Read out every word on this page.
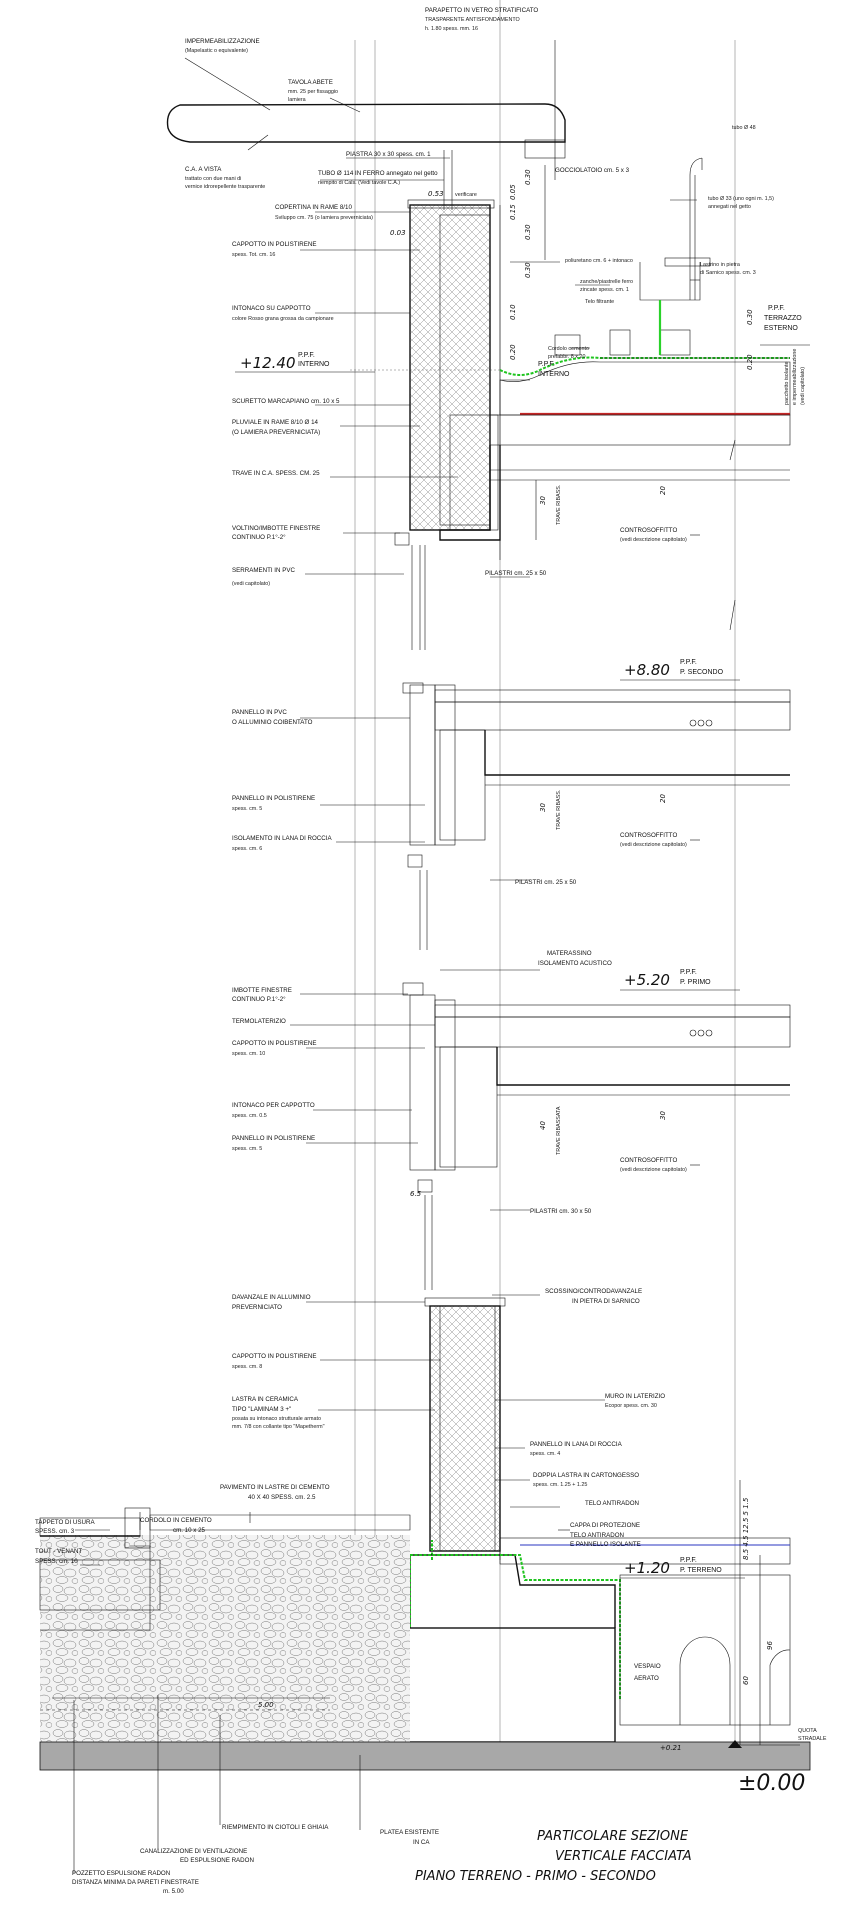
IMPERMEABILIZZAZIONE
(Mapelastic o equivalente)
TAVOLA ABETE
mm. 25 per fissaggio
lamiera
C.A. A VISTA
trattato con due mani di
vernice idrorepellente trasparente
PIASTRA 30 x 30 spess. cm. 1
TUBO Ø 114 IN FERRO annegato nel getto
riempito di Cals. (Vedi tavole C.A.)
COPERTINA IN RAME 8/10
Sviluppo cm. 75 (o lamiera preverniciata)
CAPPOTTO IN POLISTIRENE
spess. Tot. cm. 16
INTONACO SU CAPPOTTO
colore Rosso grana grossa da campionare
SCURETTO MARCAPIANO cm. 10 x 5
PLUVIALE IN RAME 8/10 Ø 14
(O LAMIERA PREVERNICIATA)
TRAVE IN C.A. SPESS. CM. 25
VOLTINO/IMBOTTE FINESTRE
CONTINUO P.1°-2°
SERRAMENTI IN PVC
(vedi capitolato)
PANNELLO IN PVC
O ALLUMINIO COIBENTATO
PANNELLO IN POLISTIRENE
spess. cm. 5
ISOLAMENTO IN LANA DI ROCCIA
spess. cm. 6
IMBOTTE FINESTRE
CONTINUO P.1°-2°
TERMOLATERIZIO
CAPPOTTO IN POLISTIRENE
spess. cm. 10
INTONACO PER CAPPOTTO
spess. cm. 0.5
PANNELLO IN POLISTIRENE
spess. cm. 5
DAVANZALE IN ALLUMINIO
PREVERNICIATO
CAPPOTTO IN POLISTIRENE
spess. cm. 8
LASTRA IN CERAMICA
TIPO "LAMINAM 3 +"
posata su intonaco strutturale armato
mm. 7/8 con collante tipo "Mapetherm"
PARAPETTO IN VETRO STRATIFICATO
TRASPARENTE ANTISFONDAMENTO
h. 1.80 spess. mm. 16
GOCCIOLATOIO cm. 5 x 3
tubo Ø 48
tubo Ø 33 (uno ogni m. 1,5)
annegati nel getto
Lastrino in pietra
di Sarnico spess. cm. 3
poliuretano cm. 6 + intonaco
zanche/piastrelle ferro
zincate spess. cm. 1
Telo filtrante
Cordolo cemento
prefabbr. 8 x 20
pacchetto isolante e impermeabilizzazione (vedi capitolato)
CONTROSOFFITTO
(vedi descrizione capitolato)
CONTROSOFFITTO
(vedi descrizione capitolato)
CONTROSOFFITTO
(vedi descrizione capitolato)
PILASTRI cm. 25 x 50
PILASTRI cm. 25 x 50
MATERASSINO
ISOLAMENTO ACUSTICO
PILASTRI cm. 30 x 50
SCOSSINO/CONTRODAVANZALE
IN PIETRA DI SARNICO
MURO IN LATERIZIO
Ecopor spess. cm. 30
PANNELLO IN LANA DI ROCCIA
spess. cm. 4
DOPPIA LASTRA IN CARTONGESSO
spess. cm. 1.25 + 1.25
TELO ANTIRADON
CAPPA DI PROTEZIONE
TELO ANTIRADON
E PANNELLO ISOLANTE
VESPAIO
AERATO
TAPPETO DI USURA
SPESS. cm. 3
TOUT - VENANT
SPESS. cm. 10
CORDOLO IN CEMENTO
cm. 10 x 25
PAVIMENTO IN LASTRE DI CEMENTO
40 X 40 SPESS. cm. 2.5
RIEMPIMENTO IN CIOTOLI E GHIAIA
CANALIZZAZIONE DI VENTILAZIONE
ED ESPULSIONE RADON
POZZETTO ESPULSIONE RADON
DISTANZA MINIMA DA PARETI FINESTRATE
m. 5.00
PLATEA ESISTENTE
IN CA
+12.40 P.P.F.
INTERNO	P.P.F.
INTERNO
P.P.F.
TERRAZZO
ESTERNO
+8.80 P.P.F.
P. SECONDO
+5.20 P.P.F.
P. PRIMO
+1.20 P.P.F.
P. TERRENO
±0.00
QUOTA
STRADALE
+0.21
0.53 verificare
0.30
0.30
0.15
0.05
0.30
0.10
0.20
0.03
0.30
0.20
TRAVE RIBASS.
30
20
TRAVE RIBASS.
30
20
TRAVE RIBASSATA
40
30
6.5
5.00
8.5 4.5 12.5 5 1.5
96
60
PARTICOLARE SEZIONE
VERTICALE FACCIATA
PIANO TERRENO - PRIMO - SECONDO
